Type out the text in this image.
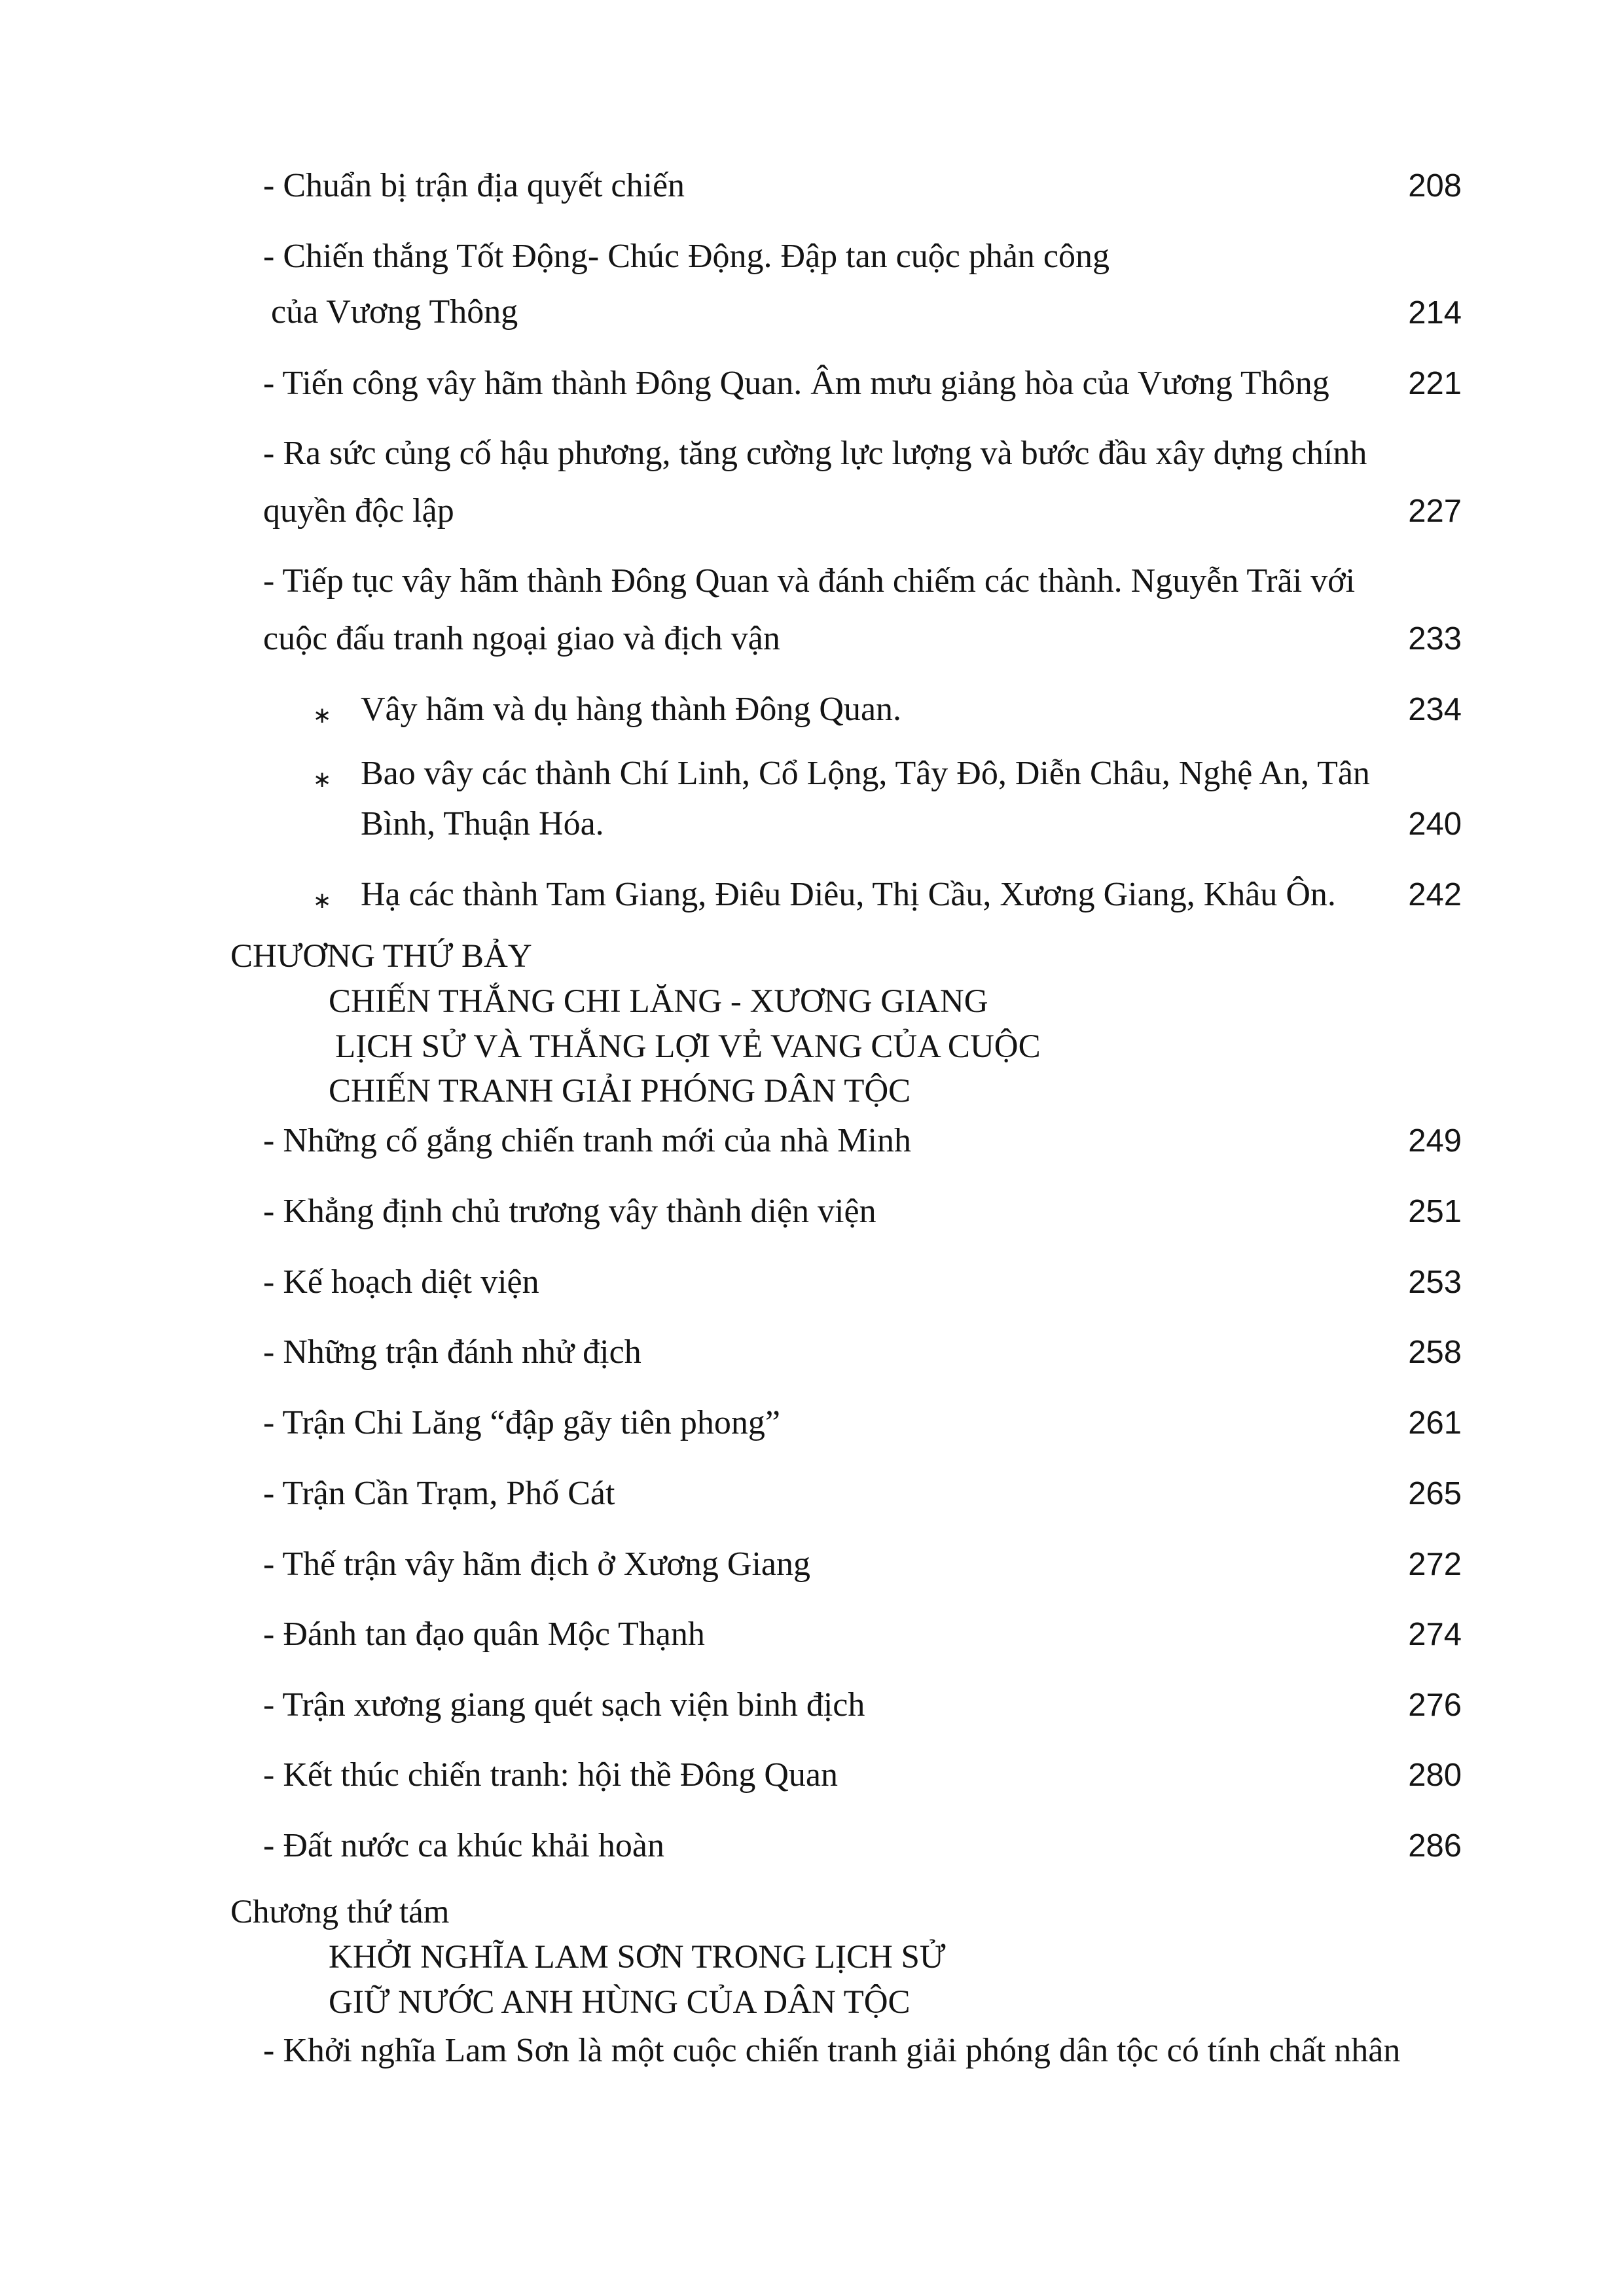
- Chuẩn bị trận địa quyết chiến	208
- Chiến thắng Tốt Động- Chúc Động. Đập tan cuộc phản công
của Vương Thông	214
- Tiến công vây hãm thành Đông Quan. Âm mưu giảng hòa của Vương Thông 221
- Ra sức củng cố hậu phương, tăng cường lực lượng và bước đầu xây dựng chính
quyền độc lập	227
- Tiếp tục vây hãm thành Đông Quan và đánh chiếm các thành. Nguyễn Trãi với
cuộc đấu tranh ngoại giao và địch vận	233
∗ Vây hãm và dụ hàng thành Đông Quan.	234
∗ Bao vây các thành Chí Linh, Cổ Lộng, Tây Đô, Diễn Châu, Nghệ An, Tân
Bình, Thuận Hóa.	240
∗ Hạ các thành Tam Giang, Điêu Diêu, Thị Cầu, Xương Giang, Khâu Ôn. 242
CHƯƠNG THỨ BẢY
CHIẾN THẮNG CHI LĂNG - XƯƠNG GIANG
LỊCH SỬ VÀ THẮNG LỢI VẺ VANG CỦA CUỘC
CHIẾN TRANH GIẢI PHÓNG DÂN TỘC
- Những cố gắng chiến tranh mới của nhà Minh	249
- Khẳng định chủ trương vây thành diện viện	251
- Kế hoạch diệt viện	253
- Những trận đánh nhử địch	258
- Trận Chi Lăng “đập gãy tiên phong”	261
- Trận Cần Trạm, Phố Cát	265
- Thế trận vây hãm địch ở Xương Giang	272
- Đánh tan đạo quân Mộc Thạnh	274
- Trận xương giang quét sạch viện binh địch	276
- Kết thúc chiến tranh: hội thề Đông Quan	280
- Đất nước ca khúc khải hoàn	286
Chương thứ tám
KHỞI NGHĨA LAM SƠN TRONG LỊCH SỬ
GIỮ NƯỚC ANH HÙNG CỦA DÂN TỘC
- Khởi nghĩa Lam Sơn là một cuộc chiến tranh giải phóng dân tộc có tính chất nhân
